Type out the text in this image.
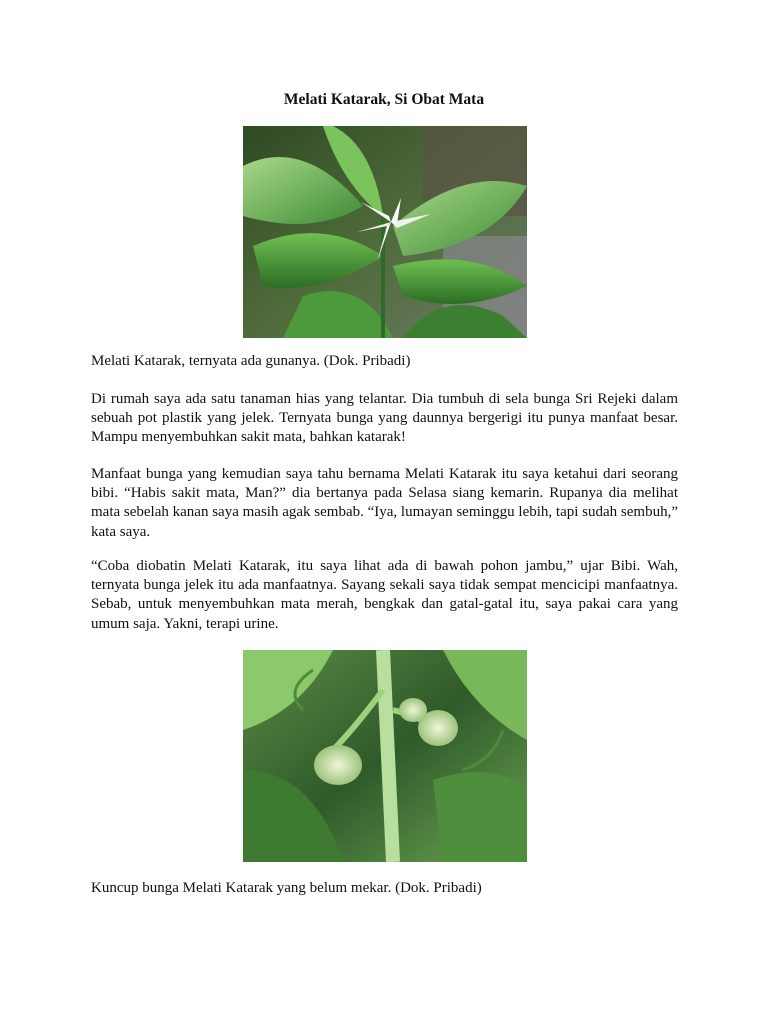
Melati Katarak, Si Obat Mata
Melati Katarak, ternyata ada gunanya. (Dok. Pribadi)

Di rumah saya ada satu tanaman hias yang telantar. Dia tumbuh di sela bunga Sri Rejeki dalam sebuah pot plastik yang jelek. Ternyata bunga yang daunnya bergerigi itu punya manfaat besar. Mampu menyembuhkan sakit mata, bahkan katarak!

Manfaat bunga yang kemudian saya tahu bernama Melati Katarak itu saya ketahui dari seorang bibi. “Habis sakit mata, Man?” dia bertanya pada Selasa siang kemarin. Rupanya dia melihat mata sebelah kanan saya masih agak sembab. “Iya, lumayan seminggu lebih, tapi sudah sembuh,” kata saya.

“Coba diobatin Melati Katarak, itu saya lihat ada di bawah pohon jambu,” ujar Bibi. Wah, ternyata bunga jelek itu ada manfaatnya. Sayang sekali saya tidak sempat mencicipi manfaatnya. Sebab, untuk menyembuhkan mata merah, bengkak dan gatal-gatal itu, saya pakai cara yang umum saja. Yakni, terapi urine.

Kuncup bunga Melati Katarak yang belum mekar. (Dok. Pribadi)
